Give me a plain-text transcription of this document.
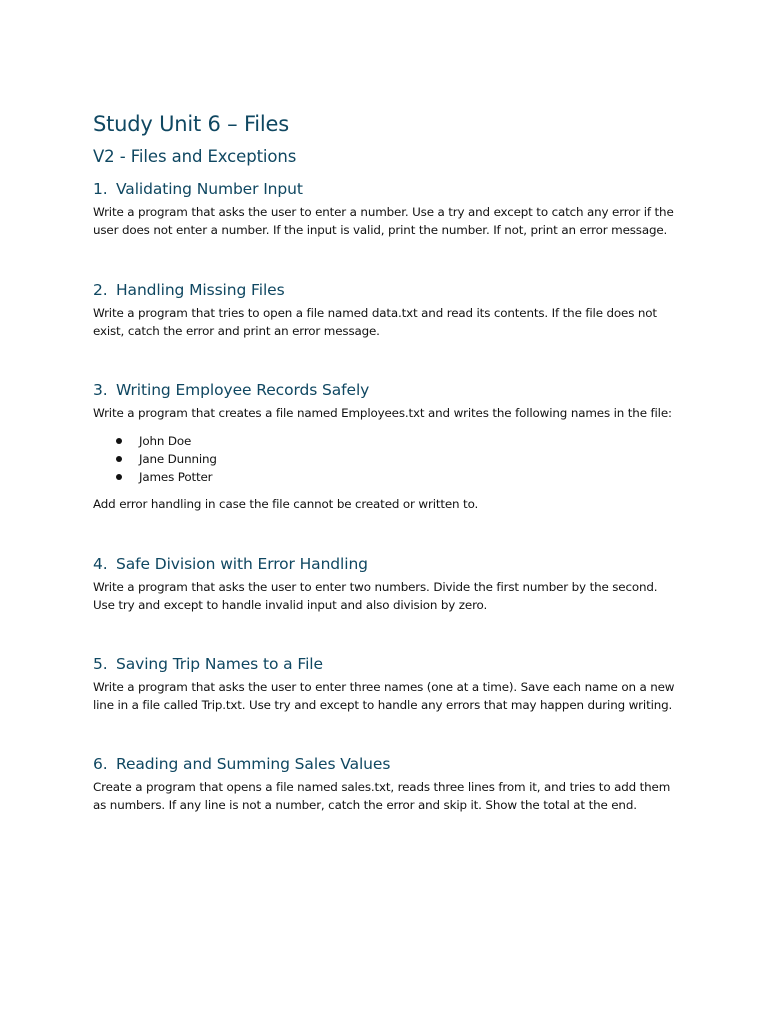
Study Unit 6 – Files
V2 - Files and Exceptions
1. Validating Number Input

Write a program that asks the user to enter a number. Use a try and except to catch any error if the user does not enter a number. If the input is valid, print the number. If not, print an error message.

2. Handling Missing Files

Write a program that tries to open a file named data.txt and read its contents. If the file does not exist, catch the error and print an error message.

3. Writing Employee Records Safely

Write a program that creates a file named Employees.txt and writes the following names in the file:

John Doe
Jane Dunning
James Potter

Add error handling in case the file cannot be created or written to.

4. Safe Division with Error Handling

Write a program that asks the user to enter two numbers. Divide the first number by the second. Use try and except to handle invalid input and also division by zero.

5. Saving Trip Names to a File

Write a program that asks the user to enter three names (one at a time). Save each name on a new line in a file called Trip.txt. Use try and except to handle any errors that may happen during writing.

6. Reading and Summing Sales Values

Create a program that opens a file named sales.txt, reads three lines from it, and tries to add them as numbers. If any line is not a number, catch the error and skip it. Show the total at the end.
